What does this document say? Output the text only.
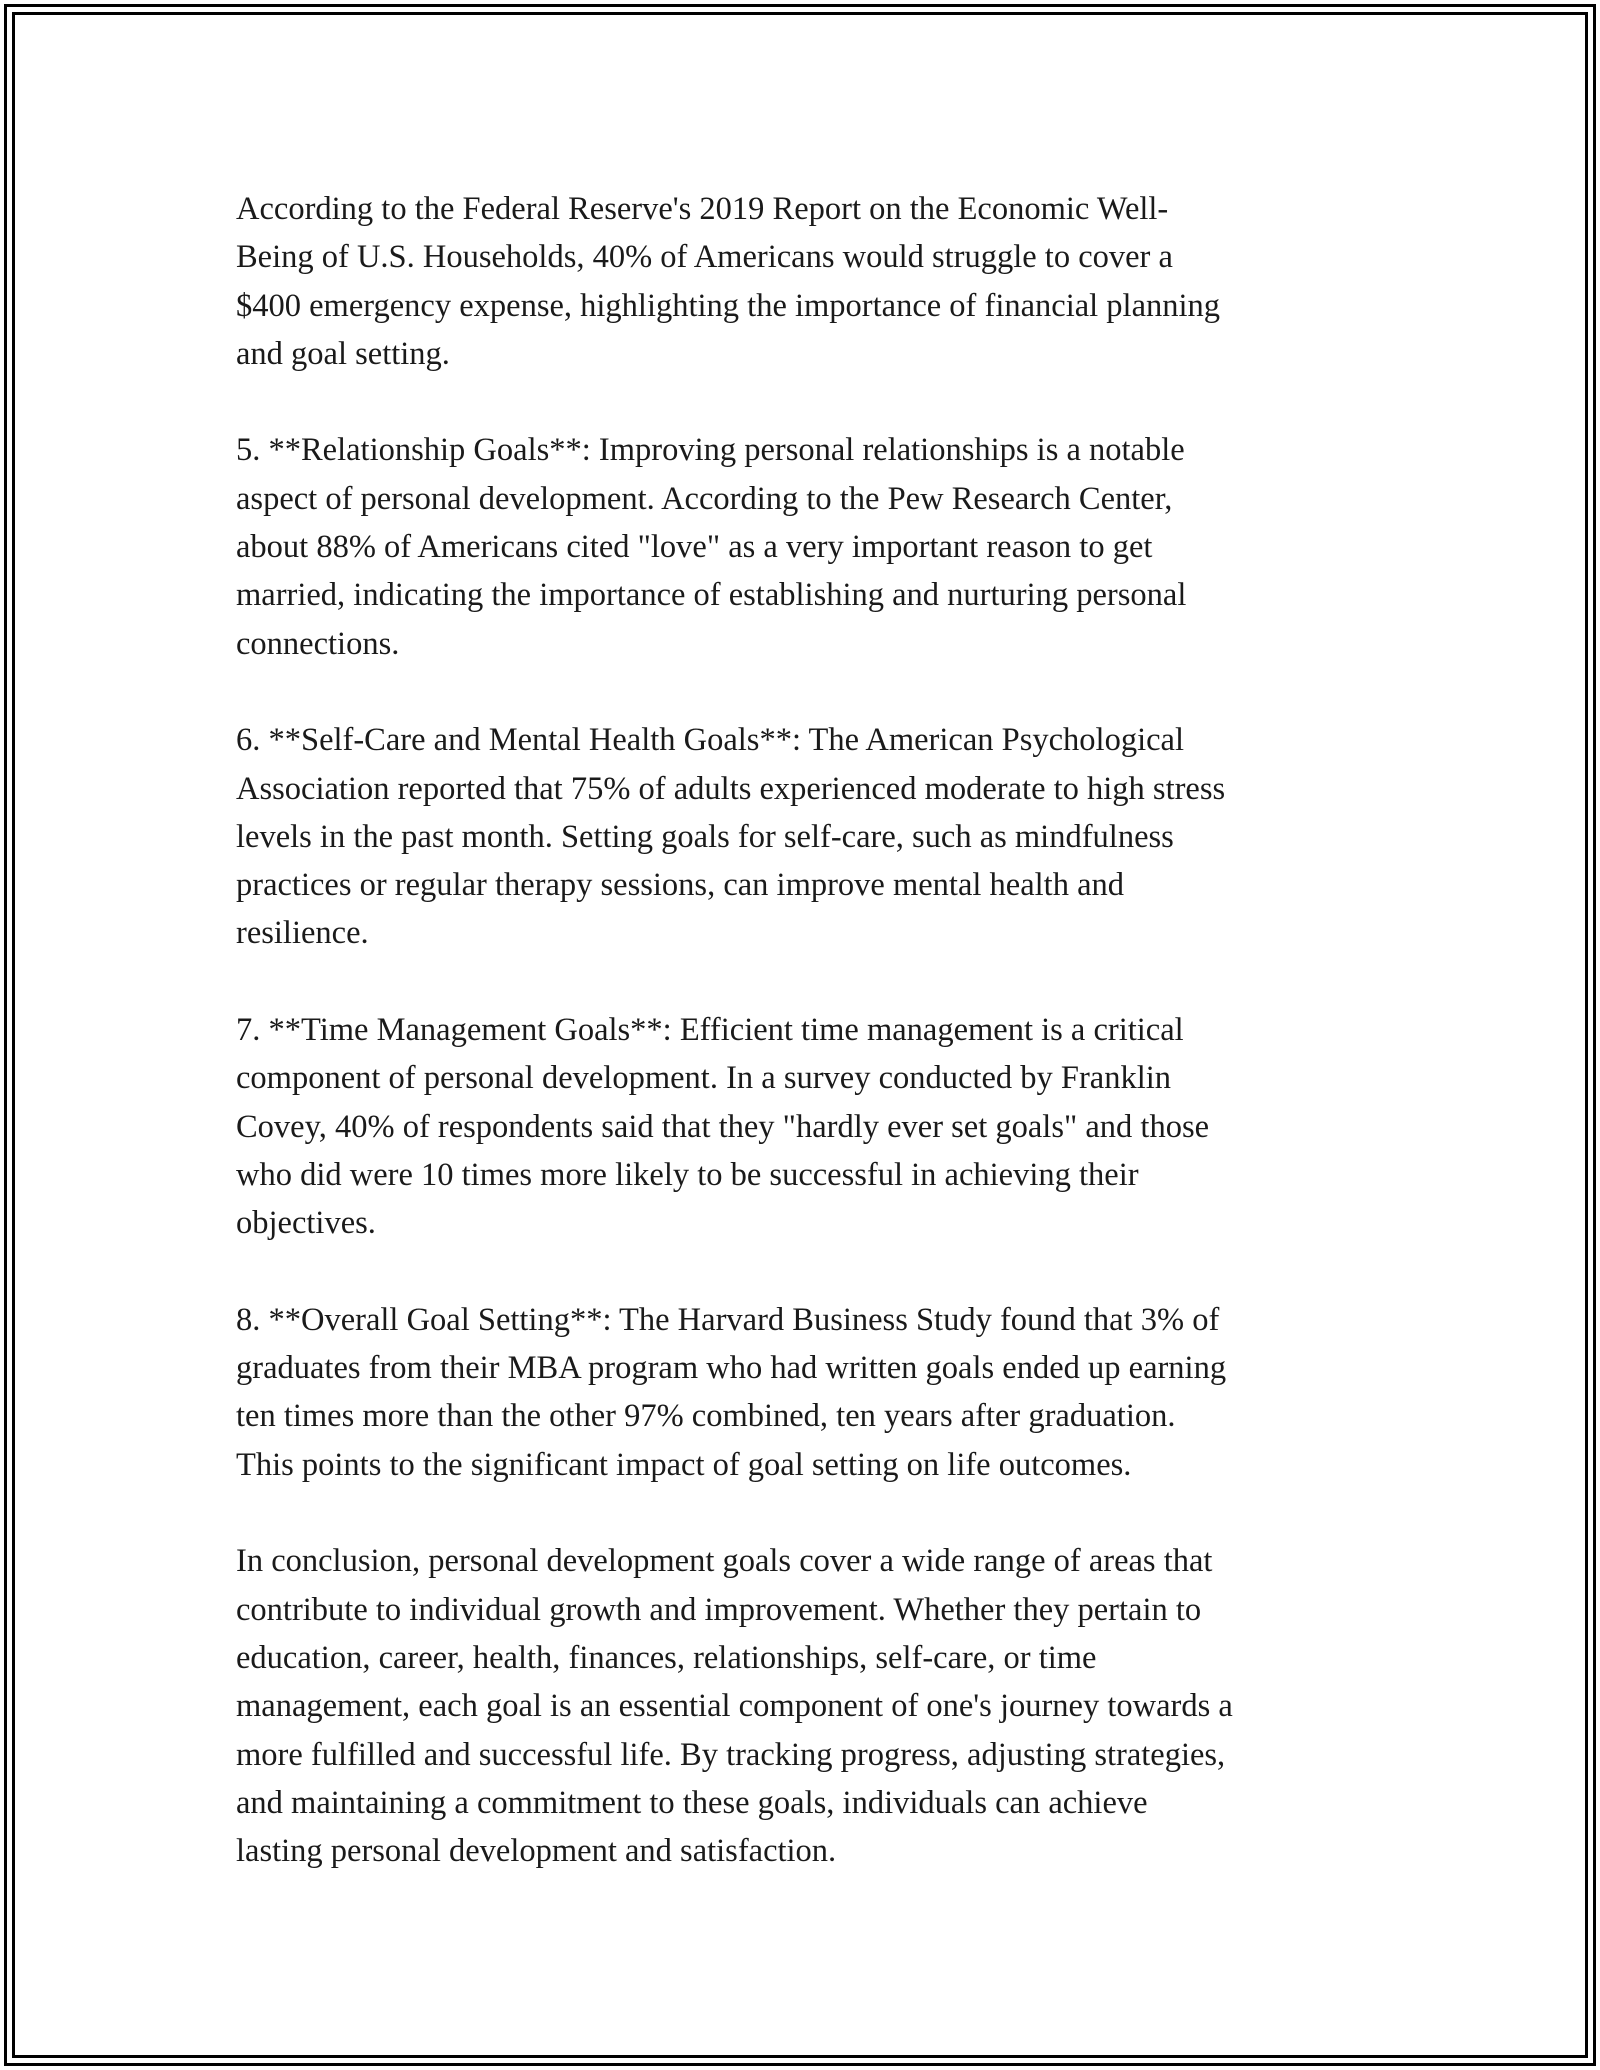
According to the Federal Reserve's 2019 Report on the Economic Well-
Being of U.S. Households, 40% of Americans would struggle to cover a
$400 emergency expense, highlighting the importance of financial planning
and goal setting.

5. **Relationship Goals**: Improving personal relationships is a notable
aspect of personal development. According to the Pew Research Center,
about 88% of Americans cited "love" as a very important reason to get
married, indicating the importance of establishing and nurturing personal
connections.

6. **Self-Care and Mental Health Goals**: The American Psychological
Association reported that 75% of adults experienced moderate to high stress
levels in the past month. Setting goals for self-care, such as mindfulness
practices or regular therapy sessions, can improve mental health and
resilience.

7. **Time Management Goals**: Efficient time management is a critical
component of personal development. In a survey conducted by Franklin
Covey, 40% of respondents said that they "hardly ever set goals" and those
who did were 10 times more likely to be successful in achieving their
objectives.

8. **Overall Goal Setting**: The Harvard Business Study found that 3% of
graduates from their MBA program who had written goals ended up earning
ten times more than the other 97% combined, ten years after graduation.
This points to the significant impact of goal setting on life outcomes.

In conclusion, personal development goals cover a wide range of areas that
contribute to individual growth and improvement. Whether they pertain to
education, career, health, finances, relationships, self-care, or time
management, each goal is an essential component of one's journey towards a
more fulfilled and successful life. By tracking progress, adjusting strategies,
and maintaining a commitment to these goals, individuals can achieve
lasting personal development and satisfaction.
